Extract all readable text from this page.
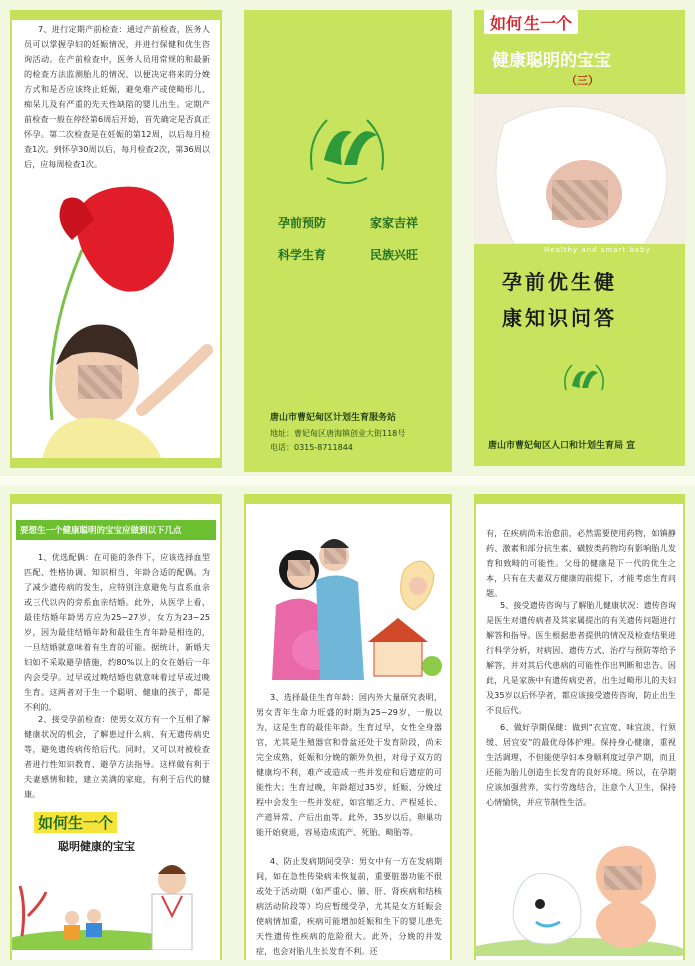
7、进行定期产前检查：通过产前检查，医务人员可以掌握孕妇的妊娠情况，并进行保健和优生咨询活动。在产前检查中，医务人员用常规的和最新的检查方法监测胎儿的情况，以便决定将来的分娩方式和是否应该终止妊娠，避免难产或使畸形儿、痴呆儿及有严重的先天性缺陷的婴儿出生。定期产前检查一般在停经第6周后开始，首先确定是否真正怀孕。第二次检查是在妊娠的第12周，以后每月检查1次。到怀孕30周以后，每月检查2次，第36周以后，应每周检查1次。
孕前预防	家家吉祥
科学生育	民族兴旺
唐山市曹妃甸区计划生育服务站
地址：曹妃甸区唐海镇创业大街118号
电话：0315-8711844
如何 生一个
健康聪明的宝宝
（三）
Healthy and smart baby
孕前优生健
康知识问答
唐山市曹妃甸区人口和计划生育局 宣
要想生一个健康聪明的宝宝应做到以下几点
1、优选配偶：在可能的条件下，应该选择血型匹配、性格协调、知识相当、年龄合适的配偶。为了减少遗传病的发生，应特别注意避免与直系血亲或三代以内的旁系血亲结婚。此外，从医学上看，最佳结婚年龄男方应为25~27岁，女方为23~25岁，因为最佳结婚年龄和最佳生育年龄是相连的，一旦结婚就意味着有生育的可能。据统计，新婚夫妇如不采取避孕措施，约80%以上的女在婚后一年内会受孕。过早或过晚结婚也就意味着过早或过晚生育。这两者对于生一个聪明、健康的孩子，都是不利的。
2、接受孕前检查：使男女双方有一个互相了解健康状况的机会，了解患过什么病、有无遗传病史等，避免遗传病传给后代。同时，又可以对被检查者进行性知识教育、避孕方法指导。这样做有利于夫妻感情和睦，建立美满的家庭，有利于后代的健康。
如何生一个
聪明健康的宝宝
3、选择最佳生育年龄：国内外大量研究表明，男女青年生命力旺盛的时期为25~29岁，一般以为，这是生育的最佳年龄。生育过早，女性全身器官，尤其是生殖器官和骨盆还处于发育阶段，尚未完全成熟，妊娠和分娩的额外负担，对母子双方的健康均不利，难产或造成一些并发症和后遗症的可能性大；生育过晚，年龄超过35岁，妊娠、分娩过程中会发生一些并发症，如宫缩乏力、产程延长、产道异常、产后出血等。此外，35岁以后，卵巢功能开始衰退，容易造成流产、死胎、畸胎等。
4、防止发病期间受孕：男女中有一方在发病期间，如在急性传染病未恢复前，重要脏器功能不很或处于活动期（如严重心、肺、肝、肾疾病和结核病活动阶段等）均应暂缓受孕，尤其是女方妊娠会使病情加重，疾病可能增加妊娠和生下的婴儿患先天性遗传性疾病的危险很大。此外，分娩的并发症，也会对胎儿生长发育不利。还
有，在疾病尚未治愈前，必然需要使用药物，如镇静药、激素和部分抗生素、磺胺类药物均有影响胎儿发育和致畸的可能性。父母的健康是下一代的优生之本，只有在夫妻双方健康的前提下，才能考虑生育问题。
5、接受遗传咨询与了解胎儿健康状况：遗传咨询是医生对遗传病者及其家属提出的有关遗传问题进行解答和指导。医生根据患者提供的情况及检查结果进行科学分析，对病因、遗传方式、治疗与预防等给予解答，并对其后代患病的可能性作出判断和忠告。因此，凡是家族中有遗传病史者，出生过畸形儿的夫妇及35岁以后怀孕者，都应该接受遗传咨询，防止出生不良后代。
6、做好孕期保健：做到“衣宜宽、味宜淡、行须缓、居宜安”的最优母体护理。保持身心健康，重视生活调理，不但能使孕妇本身顺利度过孕产期，而且还能为胎儿创造生长发育的良好环境。所以，在孕期应该加强营养，实行劳逸结合，注意个人卫生，保持心情愉快，并应节制性生活。
